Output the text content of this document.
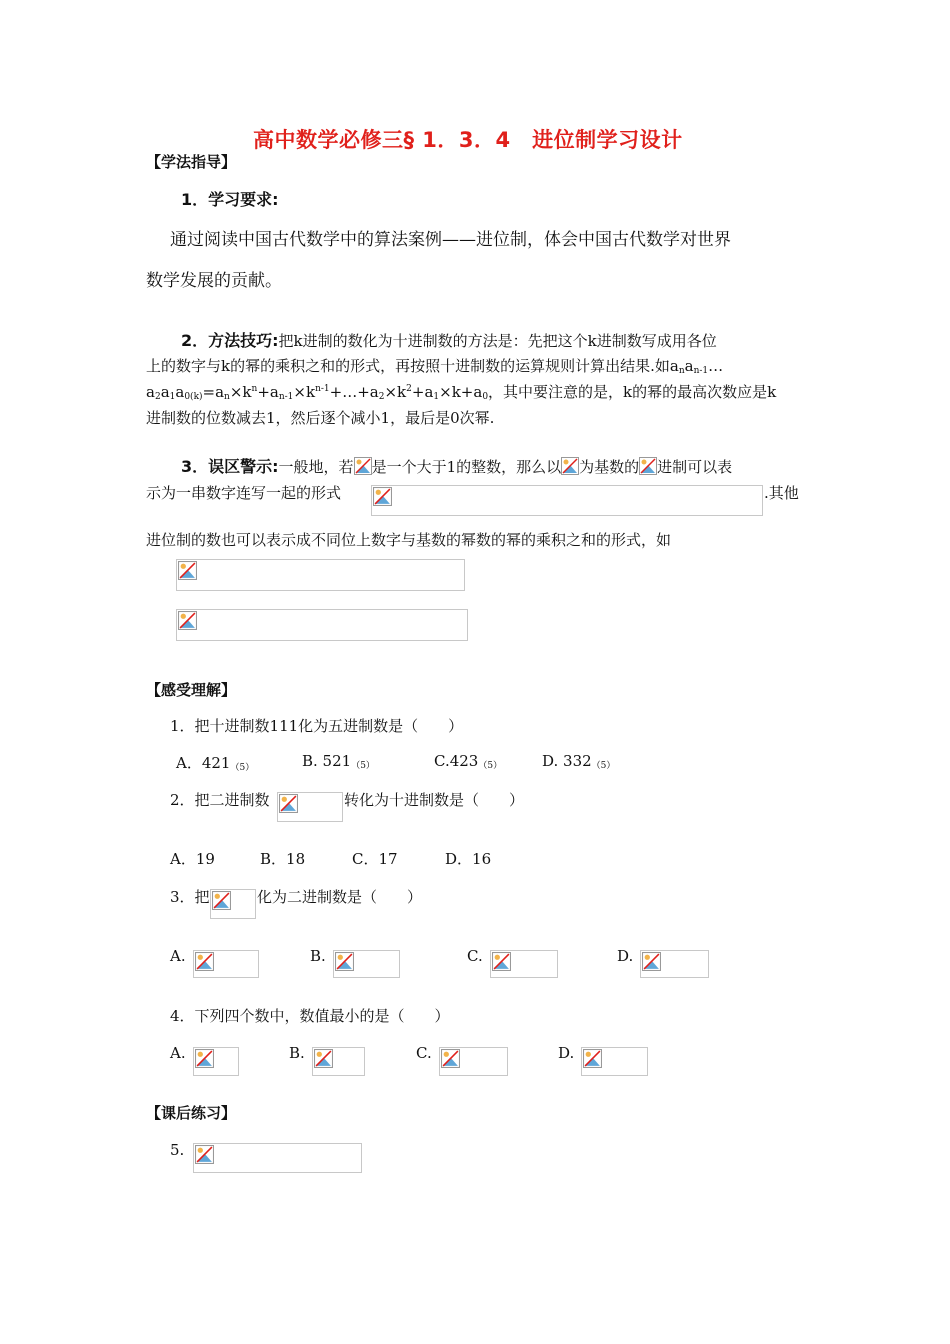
高中数学必修三§ 1．3．4　进位制学习设计
【学法指导】
1．学习要求:
通过阅读中国古代数学中的算法案例——进位制，体会中国古代数学对世界
数学发展的贡献。
2．方法技巧:把k进制的数化为十进制数的方法是：先把这个k进制数写成用各位
上的数字与k的幂的乘积之和的形式，再按照十进制数的运算规则计算出结果.如$a_na_{n-1}\dots$
$a_2a_1a_{0(k)}=a_n\times k^n+a_{n-1}\times k^{n-1}+\dots+a_2\times k^2+a_1\times k+a_0$，其中要注意的是，k的幂的最高次数应是k
进制数的位数减去1，然后逐个减小1，最后是0次幂.
3．误区警示:一般地，若 是一个大于1的整数，那么以 为基数的 进制可以表
示为一串数字连写一起的形式	.其他
进位制的数也可以表示成不同位上数字与基数的幂数的幂的乘积之和的形式，如
【感受理解】
1．把十进制数111化为五进制数是（　　）
A．421（5）	B. 521（5）	C.423（5）	D. 332（5）
2．把二进制数	转化为十进制数是（　　）
A．19	B．18	C．17	D．16
3．把	化为二进制数是（　　）
A.	B.	C.	D.
4．下列四个数中，数值最小的是（　　）
A.	B.	C.	D.
【课后练习】
5.
